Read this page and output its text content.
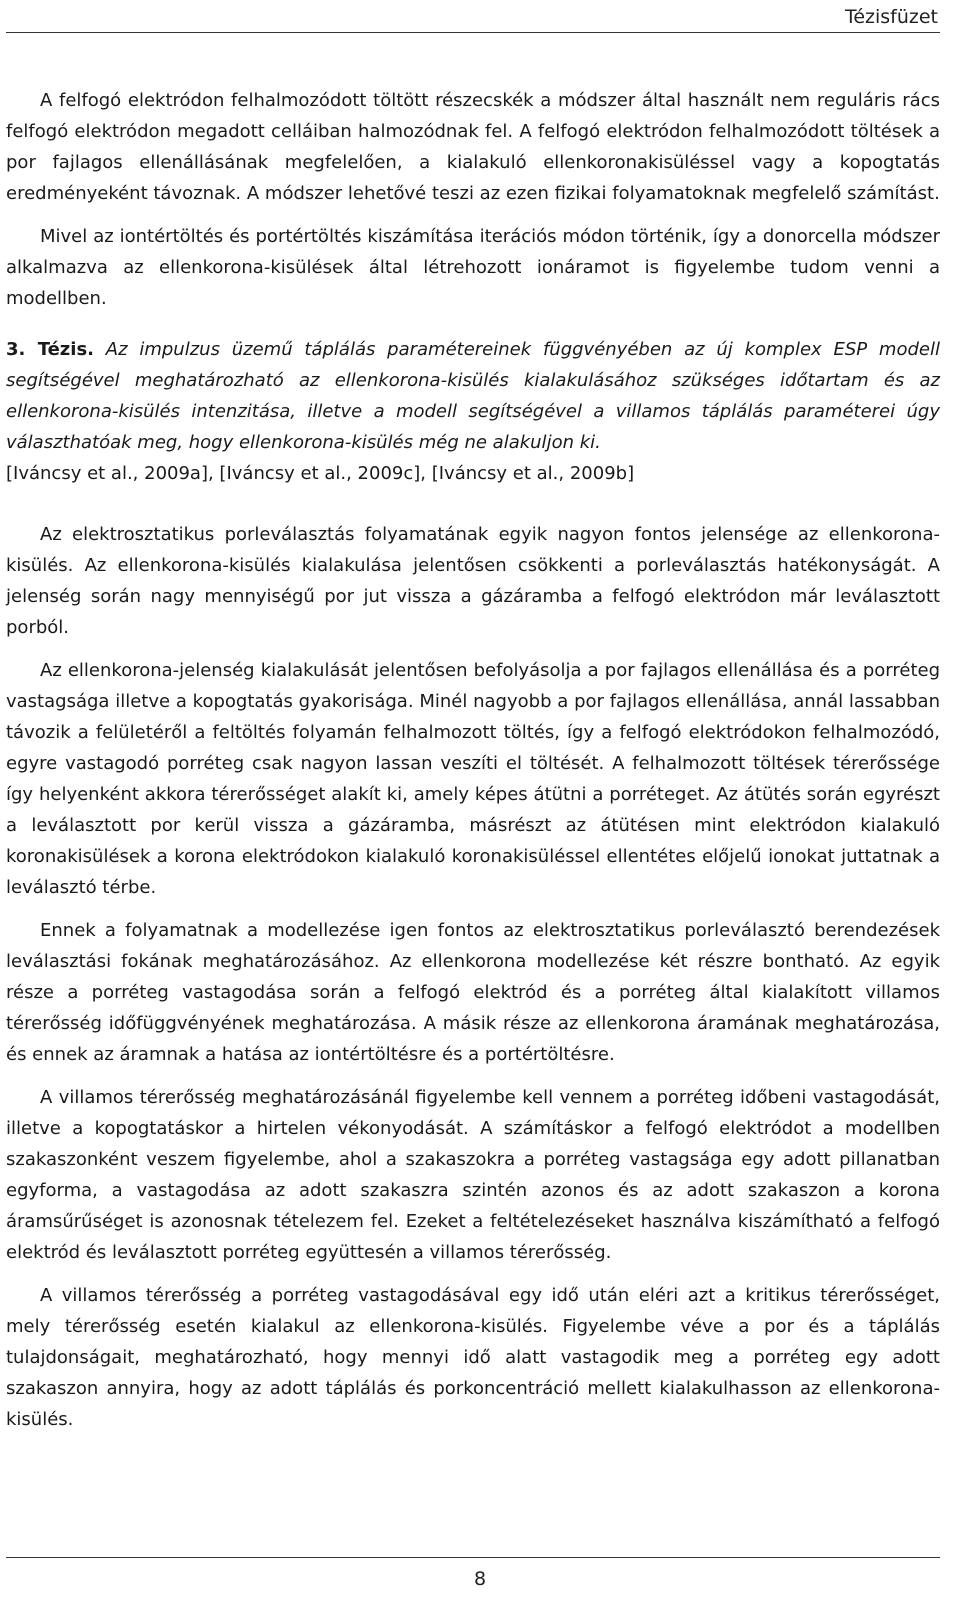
Tézisfüzet

A felfogó elektródon felhalmozódott töltött részecskék a módszer által használt nem reguláris rács felfogó elektródon megadott celláiban halmozódnak fel. A felfogó elektródon felhalmozódott töltések a por fajlagos ellenállásának megfelelően, a kialakuló ellenkoronakisüléssel vagy a kopogtatás eredményeként távoznak. A módszer lehetővé teszi az ezen fizikai folyamatoknak megfelelő számítást.

Mivel az iontértöltés és portértöltés kiszámítása iterációs módon történik, így a donorcella módszer alkalmazva az ellenkorona-kisülések által létrehozott ionáramot is figyelembe tudom venni a modellben.

3. Tézis. Az impulzus üzemű táplálás paramétereinek függvényében az új komplex ESP modell segítségével meghatározható az ellenkorona-kisülés kialakulásához szükséges időtartam és az ellenkorona-kisülés intenzitása, illetve a modell segítségével a villamos táplálás paraméterei úgy választhatóak meg, hogy ellenkorona-kisülés még ne alakuljon ki.
[Iváncsy et al., 2009a], [Iváncsy et al., 2009c], [Iváncsy et al., 2009b]

Az elektrosztatikus porleválasztás folyamatának egyik nagyon fontos jelensége az ellenkorona-kisülés. Az ellenkorona-kisülés kialakulása jelentősen csökkenti a porleválasztás hatékonyságát. A jelenség során nagy mennyiségű por jut vissza a gázáramba a felfogó elektródon már leválasztott porból.

Az ellenkorona-jelenség kialakulását jelentősen befolyásolja a por fajlagos ellenállása és a porréteg vastagsága illetve a kopogtatás gyakorisága. Minél nagyobb a por fajlagos ellenállása, annál lassabban távozik a felületéről a feltöltés folyamán felhalmozott töltés, így a felfogó elektródokon felhalmozódó, egyre vastagodó porréteg csak nagyon lassan veszíti el töltését. A felhalmozott töltések térerőssége így helyenként akkora térerősséget alakít ki, amely képes átütni a porréteget. Az átütés során egyrészt a leválasztott por kerül vissza a gázáramba, másrészt az átütésen mint elektródon kialakuló koronakisülések a korona elektródokon kialakuló koronakisüléssel ellentétes előjelű ionokat juttatnak a leválasztó térbe.

Ennek a folyamatnak a modellezése igen fontos az elektrosztatikus porleválasztó berendezések leválasztási fokának meghatározásához. Az ellenkorona modellezése két részre bontható. Az egyik része a porréteg vastagodása során a felfogó elektród és a porréteg által kialakított villamos térerősség időfüggvényének meghatározása. A másik része az ellenkorona áramának meghatározása, és ennek az áramnak a hatása az iontértöltésre és a portértöltésre.

A villamos térerősség meghatározásánál figyelembe kell vennem a porréteg időbeni vastagodását, illetve a kopogtatáskor a hirtelen vékonyodását. A számításkor a felfogó elektródot a modellben szakaszonként veszem figyelembe, ahol a szakaszokra a porréteg vastagsága egy adott pillanatban egyforma, a vastagodása az adott szakaszra szintén azonos és az adott szakaszon a korona áramsűrűséget is azonosnak tételezem fel. Ezeket a feltételezéseket használva kiszámítható a felfogó elektród és leválasztott porréteg együttesén a villamos térerősség.

A villamos térerősség a porréteg vastagodásával egy idő után eléri azt a kritikus térerősséget, mely térerősség esetén kialakul az ellenkorona-kisülés. Figyelembe véve a por és a táplálás tulajdonságait, meghatározható, hogy mennyi idő alatt vastagodik meg a porréteg egy adott szakaszon annyira, hogy az adott táplálás és porkoncentráció mellett kialakulhasson az ellenkorona-kisülés.

8
